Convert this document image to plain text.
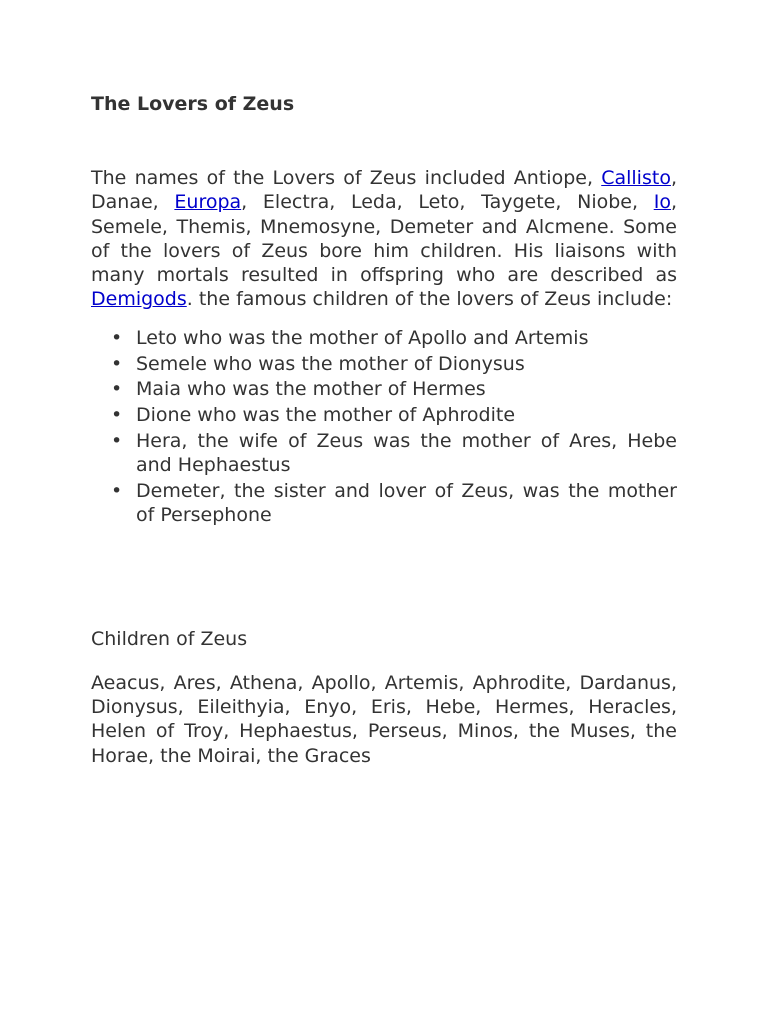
The Lovers of Zeus

The names of the Lovers of Zeus included Antiope, Callisto, Danae, Europa, Electra, Leda, Leto, Taygete, Niobe, Io, Semele, Themis, Mnemosyne, Demeter and Alcmene. Some of the lovers of Zeus bore him children. His liaisons with many mortals resulted in offspring who are described as Demigods. the famous children of the lovers of Zeus include:

• Leto who was the mother of Apollo and Artemis
• Semele who was the mother of Dionysus
• Maia who was the mother of Hermes
• Dione who was the mother of Aphrodite
• Hera, the wife of Zeus was the mother of Ares, Hebe and Hephaestus
• Demeter, the sister and lover of Zeus, was the mother of Persephone

Children of Zeus

Aeacus, Ares, Athena, Apollo, Artemis, Aphrodite, Dardanus, Dionysus, Eileithyia, Enyo, Eris, Hebe, Hermes, Heracles, Helen of Troy, Hephaestus, Perseus, Minos, the Muses, the Horae, the Moirai, the Graces
